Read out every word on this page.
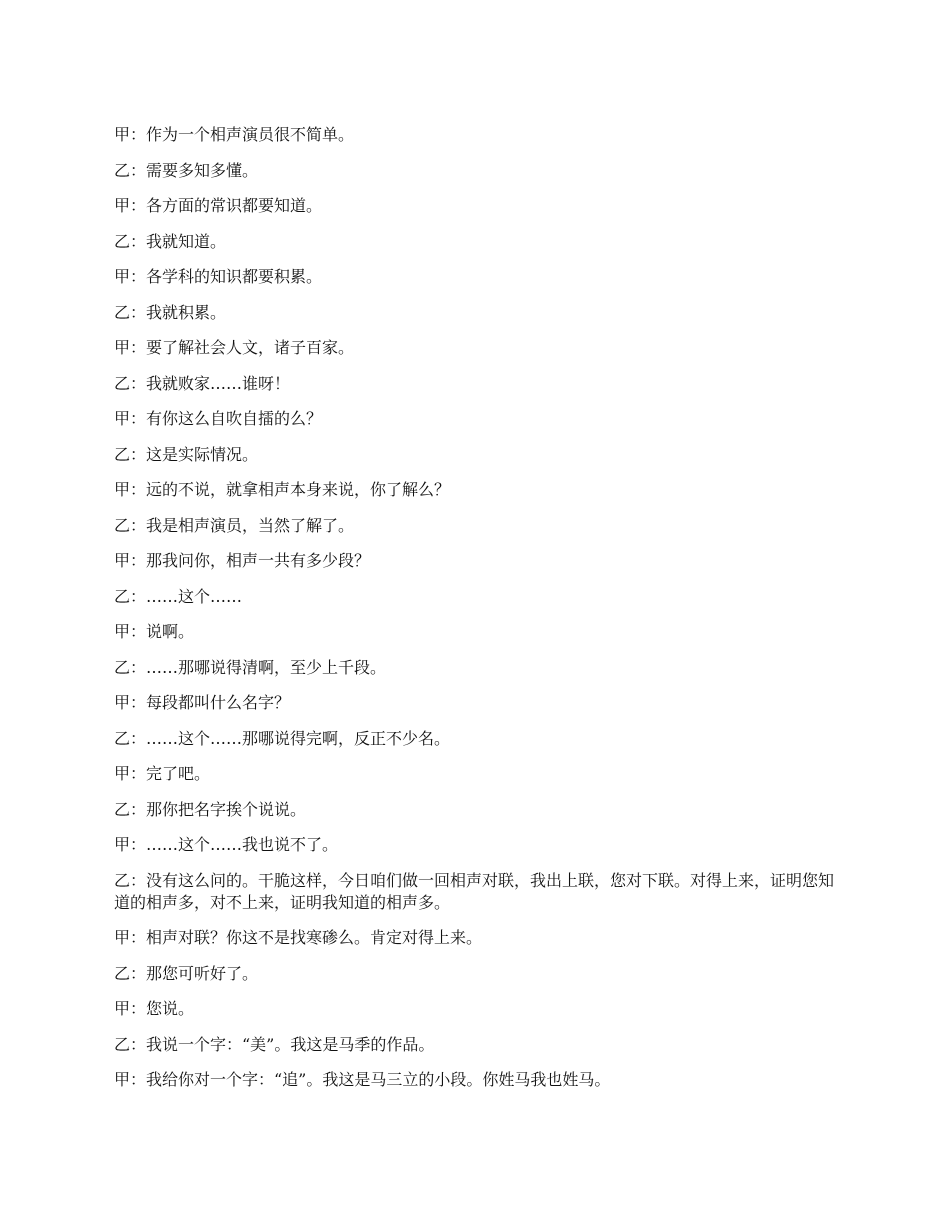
甲：作为一个相声演员很不简单。

乙：需要多知多懂。

甲：各方面的常识都要知道。

乙：我就知道。

甲：各学科的知识都要积累。

乙：我就积累。

甲：要了解社会人文，诸子百家。

乙：我就败家……谁呀！

甲：有你这么自吹自擂的么？

乙：这是实际情况。

甲：远的不说，就拿相声本身来说，你了解么？

乙：我是相声演员，当然了解了。

甲：那我问你，相声一共有多少段？

乙：……这个……

甲：说啊。

乙：……那哪说得清啊，至少上千段。

甲：每段都叫什么名字？

乙：……这个……那哪说得完啊，反正不少名。

甲：完了吧。

乙：那你把名字挨个说说。

甲：……这个……我也说不了。

乙：没有这么问的。干脆这样，今日咱们做一回相声对联，我出上联，您对下联。对得上来，证明您知道的相声多，对不上来，证明我知道的相声多。

甲：相声对联？你这不是找寒碜么。肯定对得上来。

乙：那您可听好了。

甲：您说。

乙：我说一个字：“美”。我这是马季的作品。

甲：我给你对一个字：“追”。我这是马三立的小段。你姓马我也姓马。
